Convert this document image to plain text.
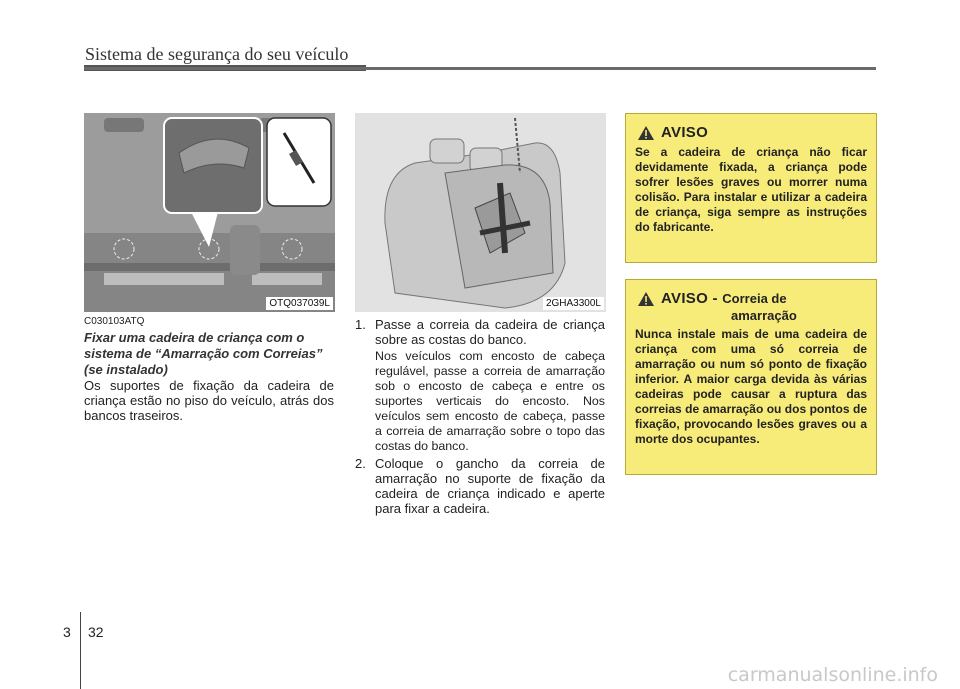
Sistema de segurança do seu veículo
OTQ037039L	2GHA3300L
C030103ATQ
Fixar uma cadeira de criança com o sistema de “Amarração com Correias” (se instalado)
Os suportes de fixação da cadeira de criança estão no piso do veículo, atrás dos bancos traseiros.
1. Passe a correia da cadeira de criança sobre as costas do banco.
Nos veículos com encosto de cabeça regulável, passe a correia de amarração sob o encosto de cabeça e entre os suportes verticais do encosto. Nos veículos sem encosto de cabeça, passe a correia de amarração sobre o topo das costas do banco.
2. Coloque o gancho da correia de amarração no suporte de fixação da cadeira de criança indicado e aperte para fixar a cadeira.
AVISO
Se a cadeira de criança não ficar devidamente fixada, a criança pode sofrer lesões graves ou morrer numa colisão. Para instalar e utilizar a cadeira de criança, siga sempre as instruções do fabricante.
AVISO - Correia de
amarração
Nunca instale mais de uma cadeira de criança com uma só correia de amarração ou num só ponto de fixação inferior. A maior carga devida às várias cadeiras pode causar a ruptura das correias de amarração ou dos pontos de fixação, provocando lesões graves ou a morte dos ocupantes.
3 32
carmanualsonline.info
